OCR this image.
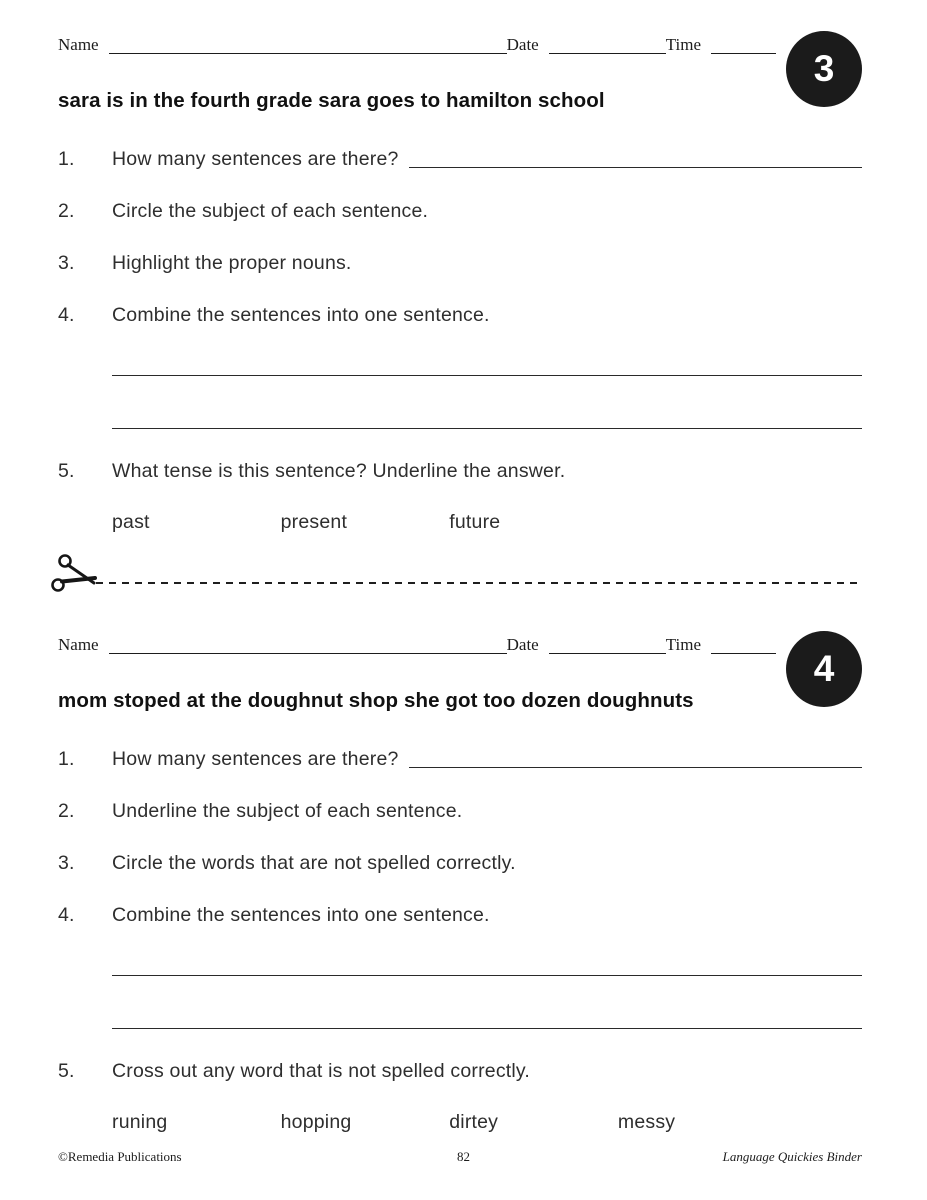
Name	Date	Time
3
sara is in the fourth grade sara goes to hamilton school
1.	How many sentences are there?
2.	Circle the subject of each sentence.
3.	Highlight the proper nouns.
4.	Combine the sentences into one sentence.
5.	What tense is this sentence? Underline the answer.
past	present	future
Name	Date	Time
4
mom stoped at the doughnut shop she got too dozen doughnuts
1.	How many sentences are there?
2.	Underline the subject of each sentence.
3.	Circle the words that are not spelled correctly.
4.	Combine the sentences into one sentence.
5.	Cross out any word that is not spelled correctly.
runing	hopping	dirtey	messy
©Remedia Publications	82	Language Quickies Binder
